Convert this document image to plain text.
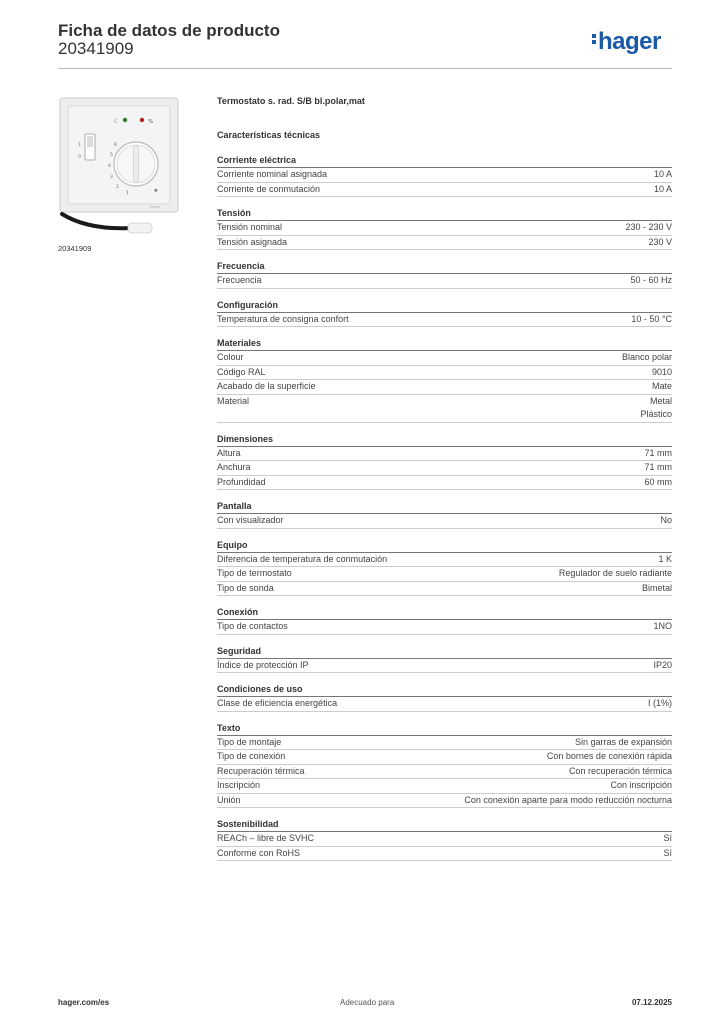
Ficha de datos de producto
20341909	hager
☾	%
6
5
4
3
2
1	✱
1
0
hager
20341909
Termostato s. rad. S/B bl.polar,mat
Características técnicas
Corriente eléctrica
Corriente nominal asignada	10 A
Corriente de conmutación	10 A
Tensión
Tensión nominal	230 - 230 V
Tensión asignada	230 V
Frecuencia
Frecuencia	50 - 60 Hz
Configuración
Temperatura de consigna confort	10 - 50 °C
Materiales
Colour	Blanco polar
Código RAL	9010
Acabado de la superficie	Mate
Material	Metal
Plástico
Dimensiones
Altura	71 mm
Anchura	71 mm
Profundidad	60 mm
Pantalla
Con visualizador	No
Equipo
Diferencia de temperatura de conmutación	1 K
Tipo de termostato	Regulador de suelo radiante
Tipo de sonda	Bimetal
Conexión
Tipo de contactos	1NO
Seguridad
Índice de protección IP	IP20
Condiciones de uso
Clase de eficiencia energética	I (1%)
Texto
Tipo de montaje	Sin garras de expansión
Tipo de conexión	Con bornes de conexión rápida
Recuperación térmica	Con recuperación térmica
Inscripción	Con inscripción
Unión	Con conexión aparte para modo reducción nocturna
Sostenibilidad
REACh – libre de SVHC	Sí
Conforme con RoHS	Sí
hager.com/es	Adecuado para	07.12.2025
